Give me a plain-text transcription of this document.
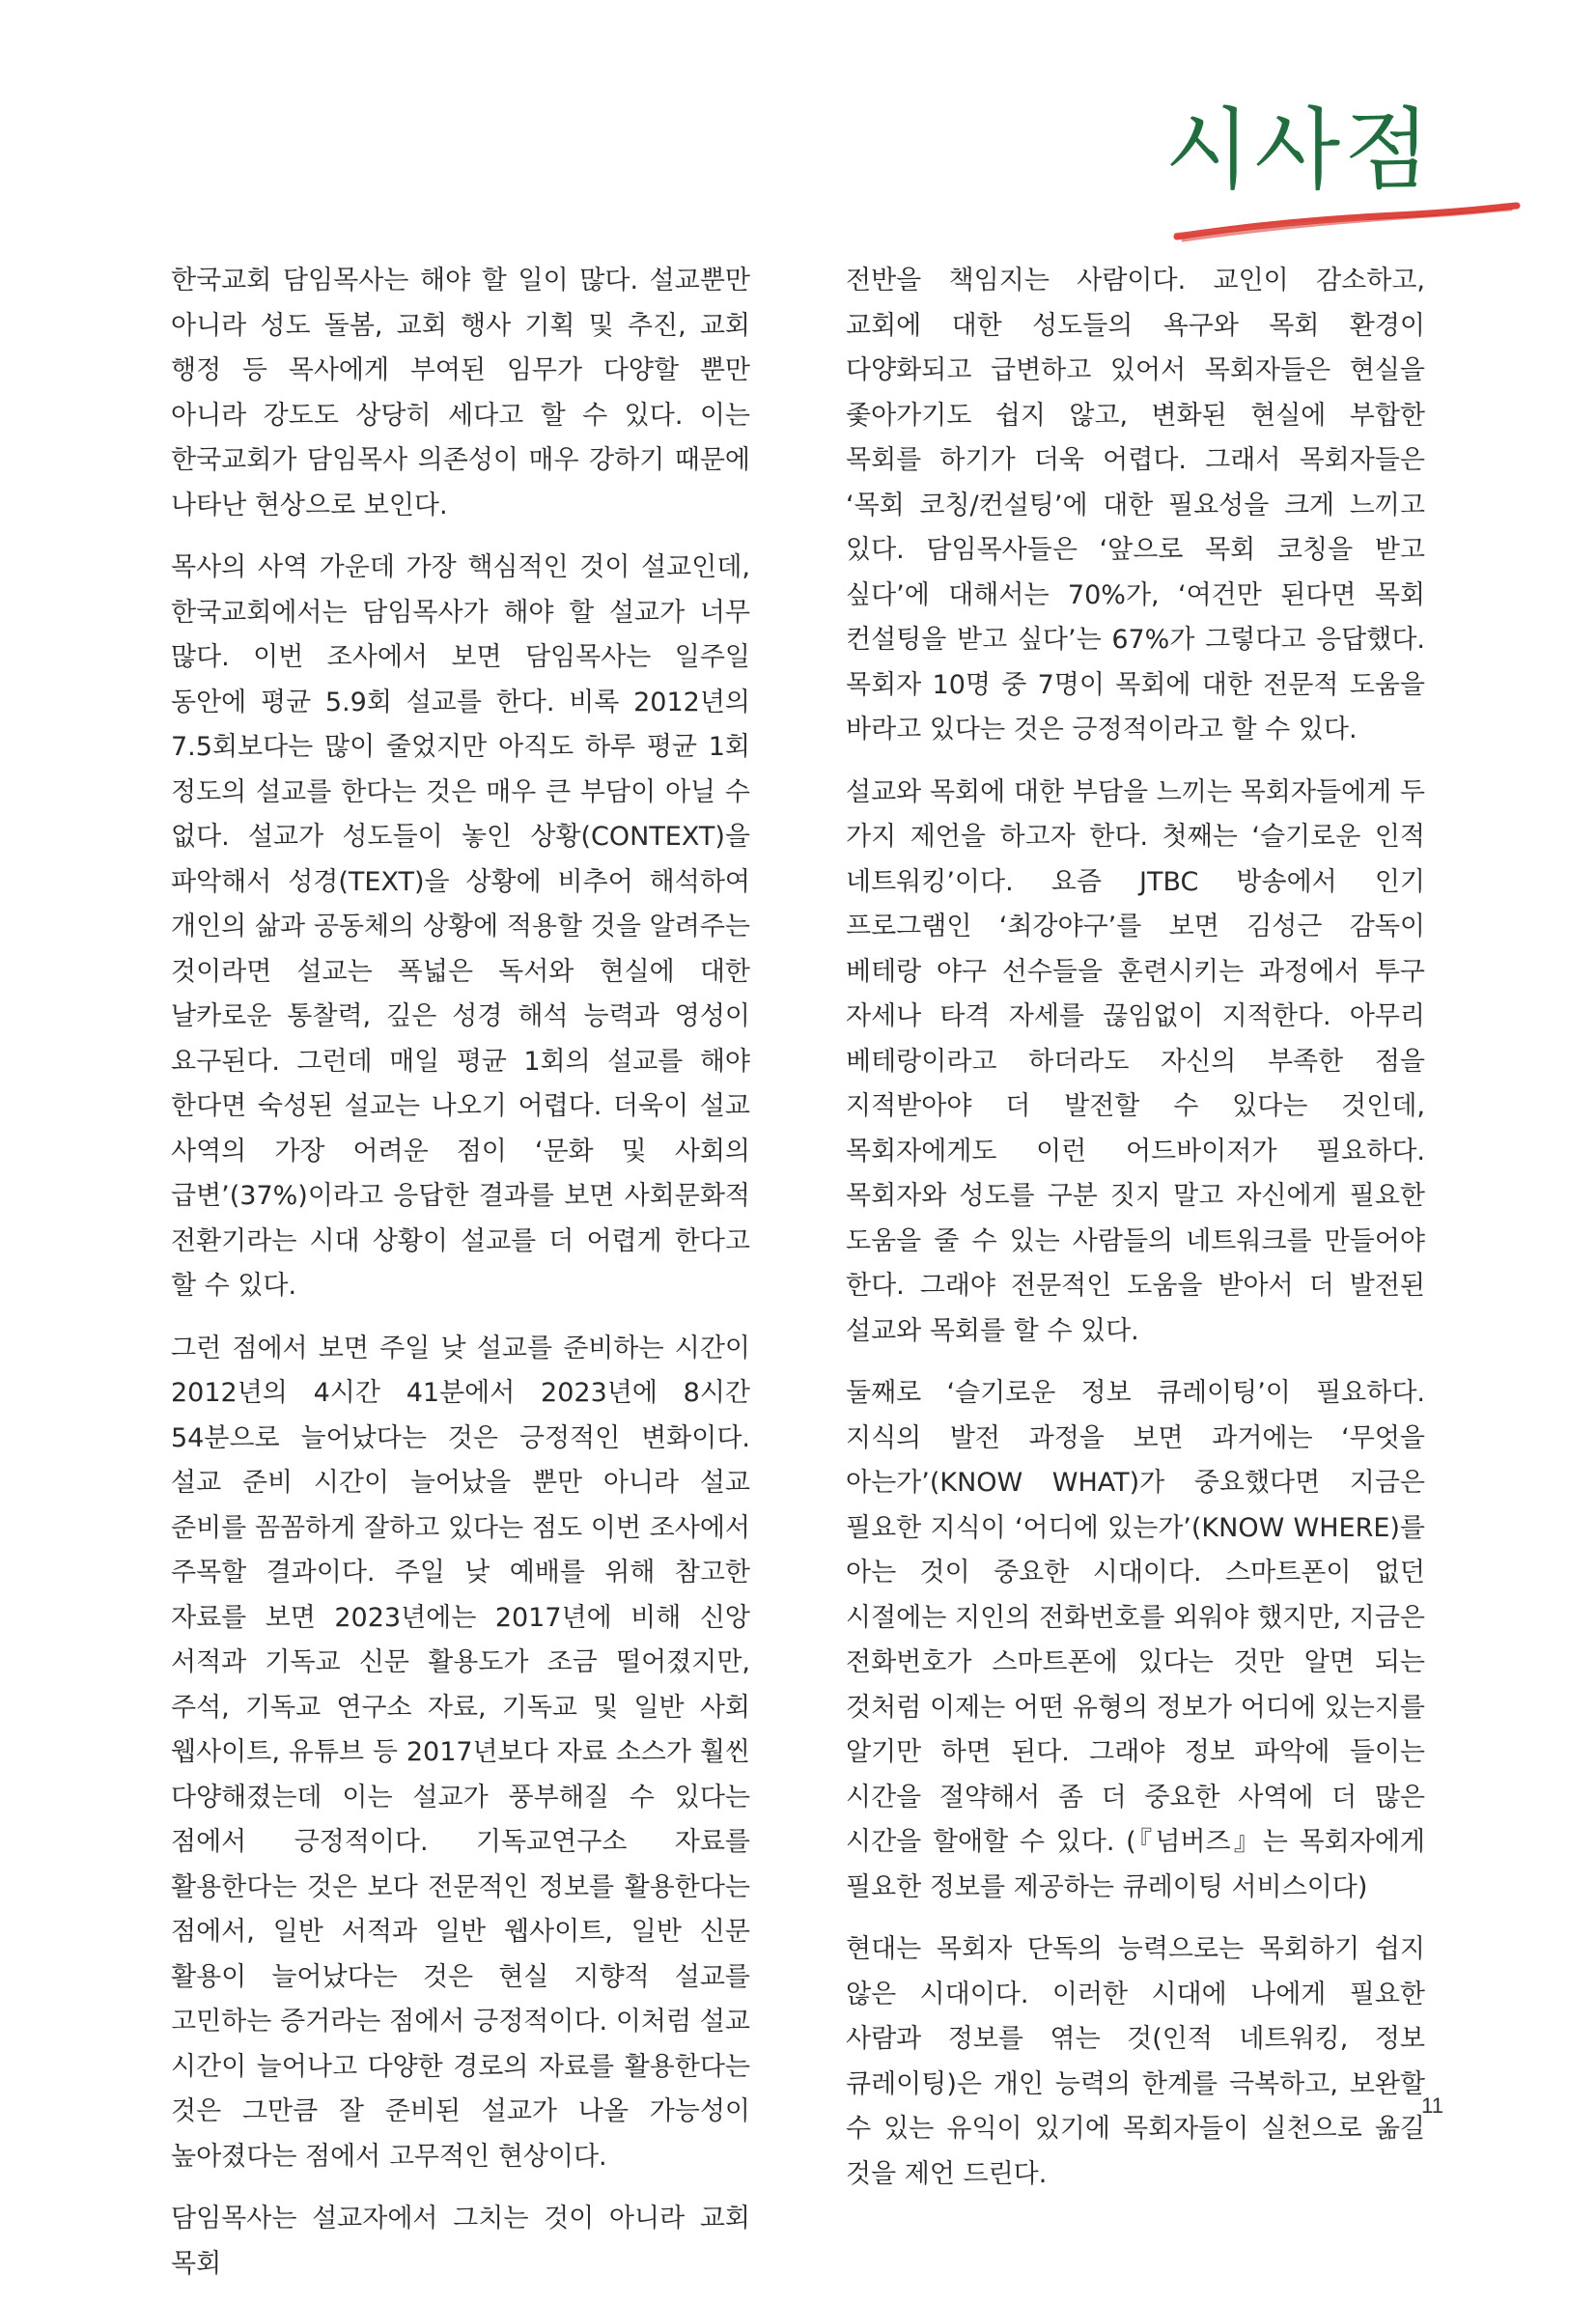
시사점

한국교회 담임목사는 해야 할 일이 많다. 설교뿐만 아니라 성도 돌봄, 교회 행사 기획 및 추진, 교회 행정 등 목사에게 부여된 임무가 다양할 뿐만 아니라 강도도 상당히 세다고 할 수 있다. 이는 한국교회가 담임목사 의존성이 매우 강하기 때문에 나타난 현상으로 보인다.

목사의 사역 가운데 가장 핵심적인 것이 설교인데, 한국교회에서는 담임목사가 해야 할 설교가 너무 많다. 이번 조사에서 보면 담임목사는 일주일 동안에 평균 5.9회 설교를 한다. 비록 2012년의 7.5회보다는 많이 줄었지만 아직도 하루 평균 1회 정도의 설교를 한다는 것은 매우 큰 부담이 아닐 수 없다. 설교가 성도들이 놓인 상황(CONTEXT)을 파악해서 성경(TEXT)을 상황에 비추어 해석하여 개인의 삶과 공동체의 상황에 적용할 것을 알려주는 것이라면 설교는 폭넓은 독서와 현실에 대한 날카로운 통찰력, 깊은 성경 해석 능력과 영성이 요구된다. 그런데 매일 평균 1회의 설교를 해야 한다면 숙성된 설교는 나오기 어렵다. 더욱이 설교 사역의 가장 어려운 점이 ‘문화 및 사회의 급변’(37%)이라고 응답한 결과를 보면 사회문화적 전환기라는 시대 상황이 설교를 더 어렵게 한다고 할 수 있다.

그런 점에서 보면 주일 낮 설교를 준비하는 시간이 2012년의 4시간 41분에서 2023년에 8시간 54분으로 늘어났다는 것은 긍정적인 변화이다. 설교 준비 시간이 늘어났을 뿐만 아니라 설교 준비를 꼼꼼하게 잘하고 있다는 점도 이번 조사에서 주목할 결과이다. 주일 낮 예배를 위해 참고한 자료를 보면 2023년에는 2017년에 비해 신앙 서적과 기독교 신문 활용도가 조금 떨어졌지만, 주석, 기독교 연구소 자료, 기독교 및 일반 사회 웹사이트, 유튜브 등 2017년보다 자료 소스가 훨씬 다양해졌는데 이는 설교가 풍부해질 수 있다는 점에서 긍정적이다. 기독교연구소 자료를 활용한다는 것은 보다 전문적인 정보를 활용한다는 점에서, 일반 서적과 일반 웹사이트, 일반 신문 활용이 늘어났다는 것은 현실 지향적 설교를 고민하는 증거라는 점에서 긍정적이다. 이처럼 설교 시간이 늘어나고 다양한 경로의 자료를 활용한다는 것은 그만큼 잘 준비된 설교가 나올 가능성이 높아졌다는 점에서 고무적인 현상이다.

담임목사는 설교자에서 그치는 것이 아니라 교회 목회

전반을 책임지는 사람이다. 교인이 감소하고, 교회에 대한 성도들의 욕구와 목회 환경이 다양화되고 급변하고 있어서 목회자들은 현실을 좇아가기도 쉽지 않고, 변화된 현실에 부합한 목회를 하기가 더욱 어렵다. 그래서 목회자들은 ‘목회 코칭/컨설팅’에 대한 필요성을 크게 느끼고 있다. 담임목사들은 ‘앞으로 목회 코칭을 받고 싶다’에 대해서는 70%가, ‘여건만 된다면 목회 컨설팅을 받고 싶다’는 67%가 그렇다고 응답했다. 목회자 10명 중 7명이 목회에 대한 전문적 도움을 바라고 있다는 것은 긍정적이라고 할 수 있다.

설교와 목회에 대한 부담을 느끼는 목회자들에게 두 가지 제언을 하고자 한다. 첫째는 ‘슬기로운 인적 네트워킹’이다. 요즘 JTBC 방송에서 인기 프로그램인 ‘최강야구’를 보면 김성근 감독이 베테랑 야구 선수들을 훈련시키는 과정에서 투구 자세나 타격 자세를 끊임없이 지적한다. 아무리 베테랑이라고 하더라도 자신의 부족한 점을 지적받아야 더 발전할 수 있다는 것인데, 목회자에게도 이런 어드바이저가 필요하다. 목회자와 성도를 구분 짓지 말고 자신에게 필요한 도움을 줄 수 있는 사람들의 네트워크를 만들어야 한다. 그래야 전문적인 도움을 받아서 더 발전된 설교와 목회를 할 수 있다.

둘째로 ‘슬기로운 정보 큐레이팅’이 필요하다. 지식의 발전 과정을 보면 과거에는 ‘무엇을 아는가’(KNOW WHAT)가 중요했다면 지금은 필요한 지식이 ‘어디에 있는가’(KNOW WHERE)를 아는 것이 중요한 시대이다. 스마트폰이 없던 시절에는 지인의 전화번호를 외워야 했지만, 지금은 전화번호가 스마트폰에 있다는 것만 알면 되는 것처럼 이제는 어떤 유형의 정보가 어디에 있는지를 알기만 하면 된다. 그래야 정보 파악에 들이는 시간을 절약해서 좀 더 중요한 사역에 더 많은 시간을 할애할 수 있다. (『넘버즈』는 목회자에게 필요한 정보를 제공하는 큐레이팅 서비스이다)

현대는 목회자 단독의 능력으로는 목회하기 쉽지 않은 시대이다. 이러한 시대에 나에게 필요한 사람과 정보를 엮는 것(인적 네트워킹, 정보 큐레이팅)은 개인 능력의 한계를 극복하고, 보완할 수 있는 유익이 있기에 목회자들이 실천으로 옮길 것을 제언 드린다.

11
